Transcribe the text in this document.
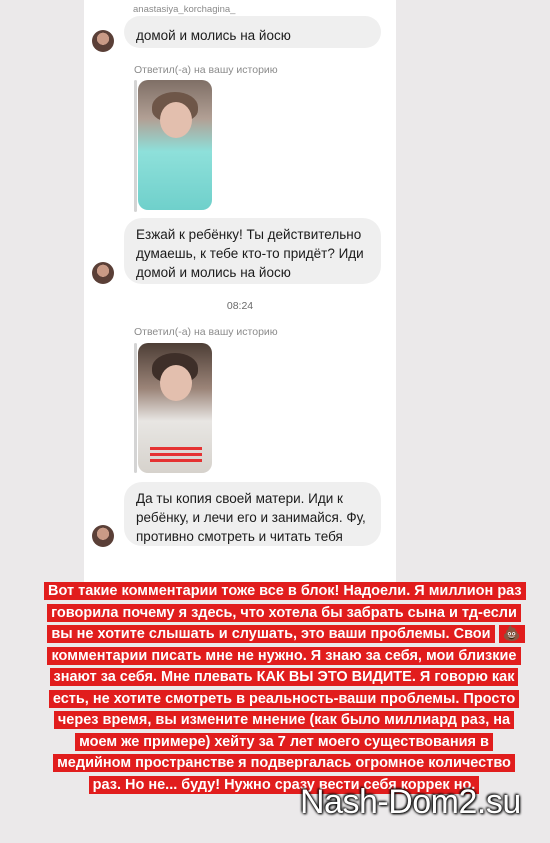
anastasiya_korchagina_
домой и молись на йосю
Ответил(-а) на вашу историю
Езжай к ребёнку! Ты действительно думаешь, к тебе кто-то придёт? Иди домой и молись на йосю
08:24
Ответил(-а) на вашу историю
Да ты копия своей матери. Иди к ребёнку, и лечи его и занимайся. Фу, противно смотреть и читать тебя
Вот такие комментарии тоже все в блок! Надоели. Я миллион раз говорила почему я здесь, что хотела бы забрать сына и тд-если вы не хотите слышать и слушать, это ваши проблемы. Свои 💩 комментарии писать мне не нужно. Я знаю за себя, мои близкие знают за себя. Мне плевать КАК ВЫ ЭТО ВИДИТЕ. Я говорю как есть, не хотите смотреть в реальность-ваши проблемы. Просто через время, вы измените мнение (как было миллиард раз, на моем же примере) хейту за 7 лет моего существования в медийном пространстве я подвергалась огромное количество раз. Но не... буду! Нужно сразу вести себя коррек но.
Nash-Dom2.su
